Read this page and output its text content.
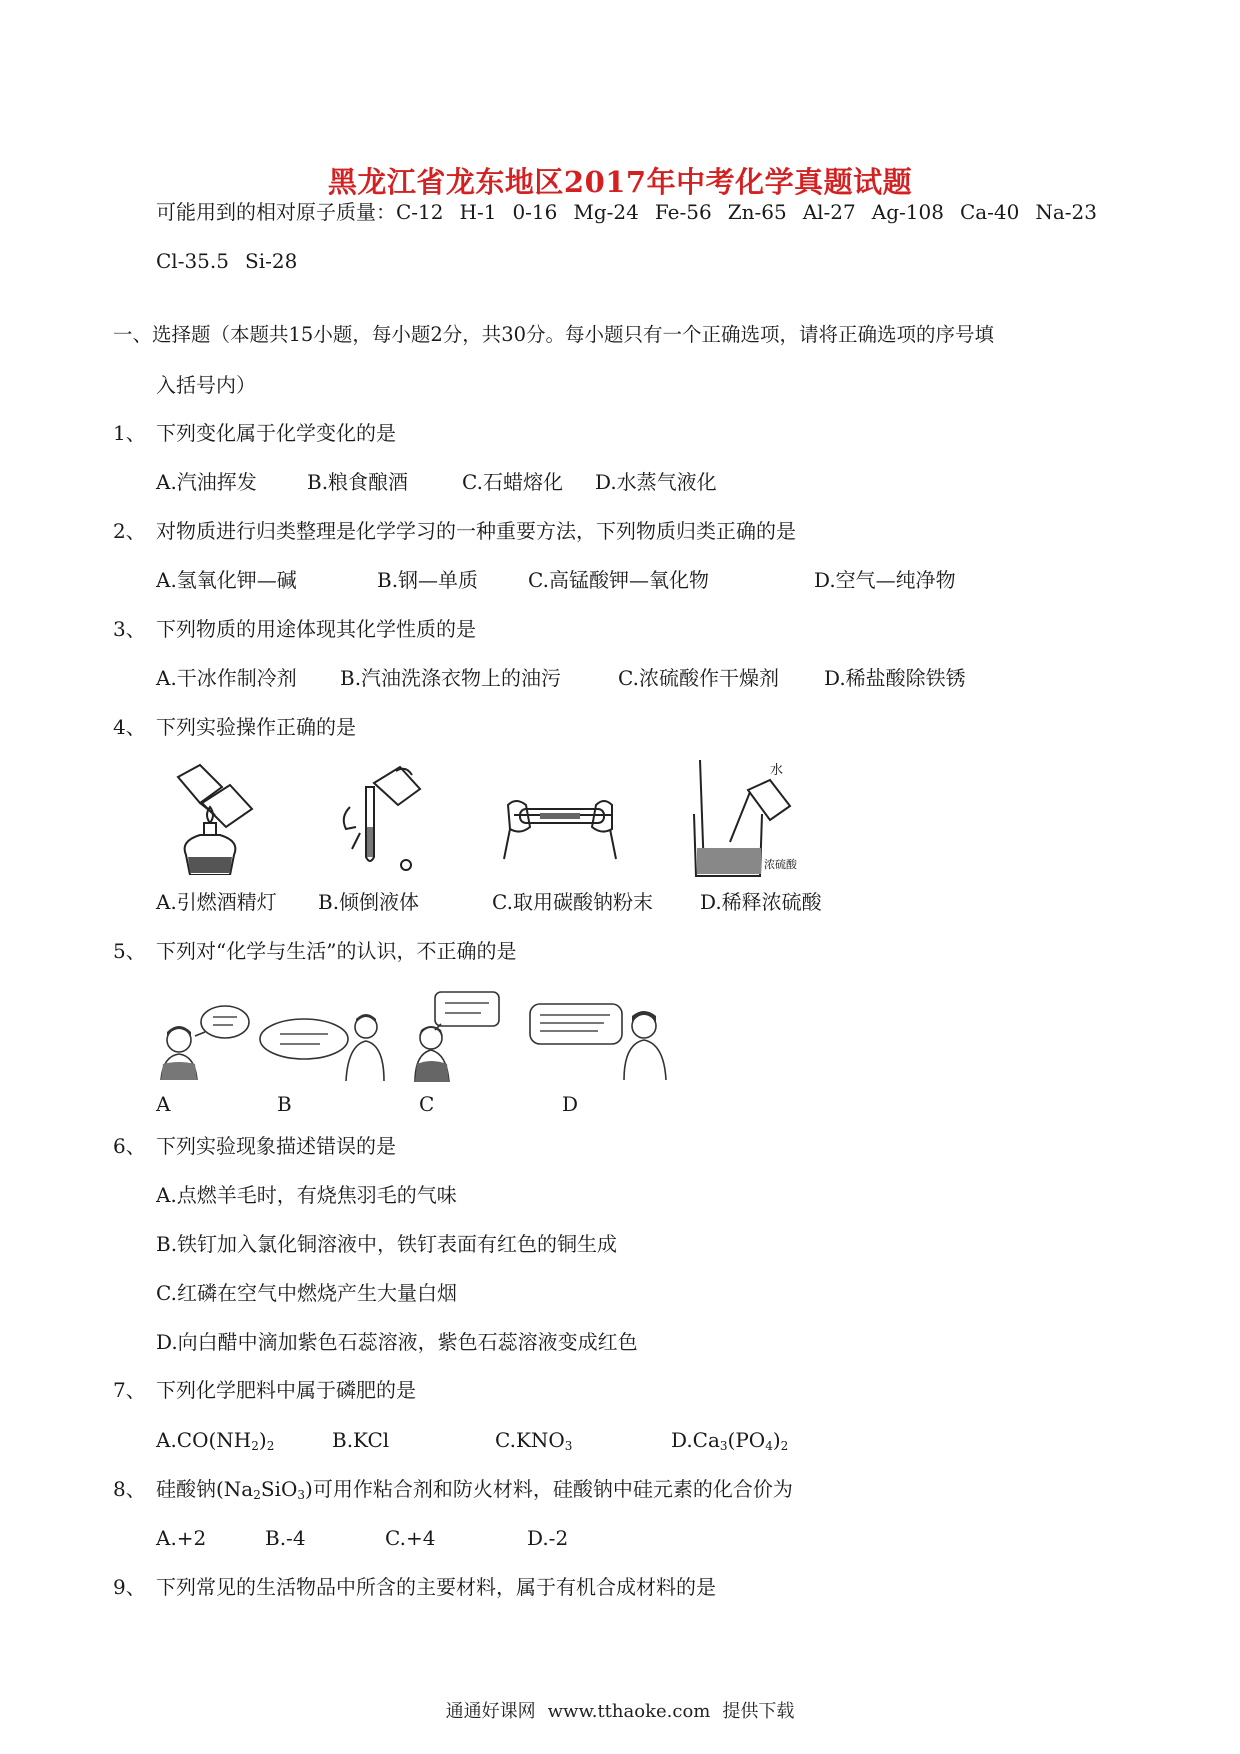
黑龙江省龙东地区2017年中考化学真题试题
可能用到的相对原子质量：C-12 H-1 0-16 Mg-24 Fe-56 Zn-65 Al-27 Ag-108 Ca-40 Na-23
Cl-35.5 Si-28
一、选择题（本题共15小题，每小题2分，共30分。每小题只有一个正确选项，请将正确选项的序号填
入括号内）
1、 下列变化属于化学变化的是
A.汽油挥发	B.粮食酿酒	C.石蜡熔化 D.水蒸气液化
2、 对物质进行归类整理是化学学习的一种重要方法，下列物质归类正确的是
A.氢氧化钾—碱	B.钢—单质 C.高锰酸钾—氧化物	D.空气—纯净物
3、 下列物质的用途体现其化学性质的是
A.干冰作制冷剂 B.汽油洗涤衣物上的油污	C.浓硫酸作干燥剂 D.稀盐酸除铁锈
4、 下列实验操作正确的是
水
浓硫酸
A.引燃酒精灯 B.倾倒液体	C.取用碳酸钠粉末 D.稀释浓硫酸
5、 下列对“化学与生活”的认识，不正确的是
A	B	C	D
6、 下列实验现象描述错误的是
A.点燃羊毛时，有烧焦羽毛的气味
B.铁钉加入氯化铜溶液中，铁钉表面有红色的铜生成
C.红磷在空气中燃烧产生大量白烟
D.向白醋中滴加紫色石蕊溶液，紫色石蕊溶液变成红色
7、 下列化学肥料中属于磷肥的是
$A.CO(NH_2)_2$	B.KCl	$C.KNO_3$	$D.Ca_3(PO_4)_2$
8、 硅酸钠$(Na_2SiO_3)$可用作粘合剂和防火材料，硅酸钠中硅元素的化合价为
A.+2	B.-4	C.+4	D.-2
9、 下列常见的生活物品中所含的主要材料，属于有机合成材料的是
通通好课网 www.tthaoke.com 提供下载
